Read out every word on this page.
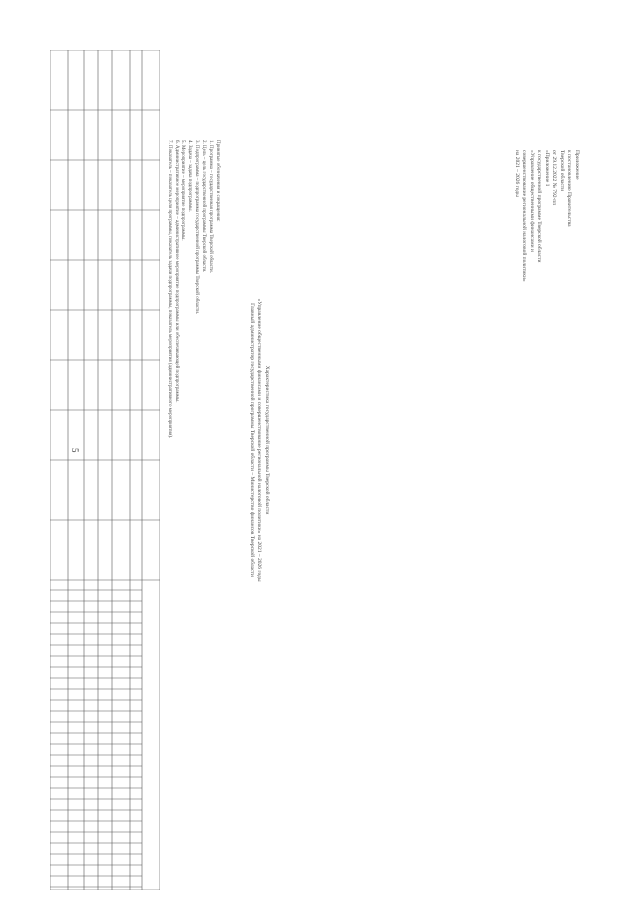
5
Приложение
к постановлению Правительства
Тверской области
от 29.12.2022 № 792-пп
«Приложение 1
к государственной программе Тверской области
«Управление общественными финансами и
совершенствование региональной налоговой политики»
на 2021 – 2026 годы
Характеристика государственной программы Тверской области
«Управление общественными финансами и совершенствование региональной налоговой политики» на 2021 – 2026 годы
Главный администратор государственной программы Тверской области – Министерство финансов Тверской области
Принятые обозначения и сокращения:
1. Программа – государственная программа Тверской области.
2. Цель – цель государственной программы Тверской области.
3. Подпрограмма – подпрограмма государственной программы Тверской области.
4. Задача – задача подпрограммы.
5. Мероприятие – мероприятие подпрограммы.
6. Административное мероприятие – административное мероприятие подпрограммы или обеспечивающей подпрограммы.
7. Показатель – показатель цели программы, показатель задачи подпрограммы, показатель мероприятия (административного мероприятия).
